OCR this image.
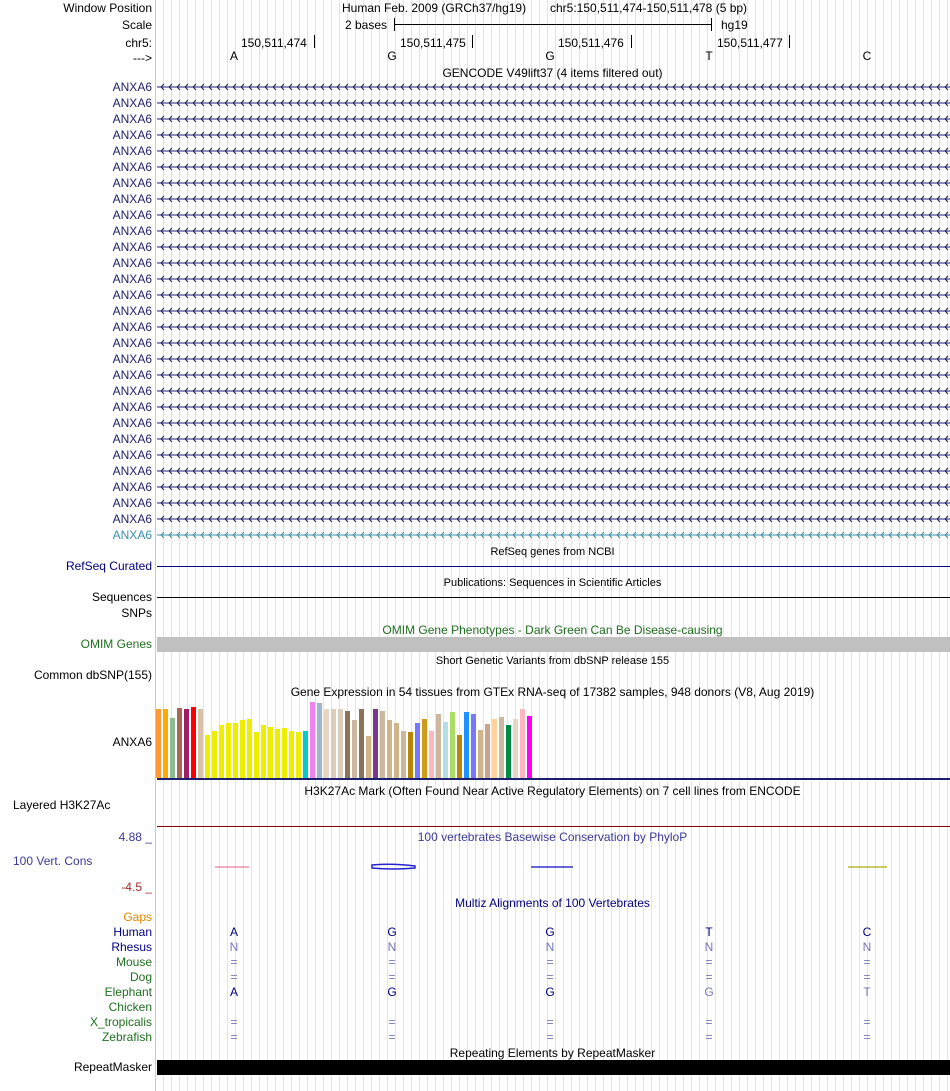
Window Position	Human Feb. 2009 (GRCh37/hg19) chr5:150,511,474-150,511,478 (5 bp)
Scale	2 bases	hg19
chr5:	150,511,474	150,511,475	150,511,476	150,511,477
--->	A	G	G	T	C
GENCODE V49lift37 (4 items filtered out)
ANXA6
ANXA6
ANXA6
ANXA6
ANXA6
ANXA6
ANXA6
ANXA6
ANXA6
ANXA6
ANXA6
ANXA6
ANXA6
ANXA6
ANXA6
ANXA6
ANXA6
ANXA6
ANXA6
ANXA6
ANXA6
ANXA6
ANXA6
ANXA6
ANXA6
ANXA6
ANXA6
ANXA6
ANXA6
RefSeq genes from NCBI
RefSeq Curated
Publications: Sequences in Scientific Articles
Sequences
SNPs
OMIM Gene Phenotypes - Dark Green Can Be Disease-causing
OMIM Genes
Short Genetic Variants from dbSNP release 155
Common dbSNP(155)
Gene Expression in 54 tissues from GTEx RNA-seq of 17382 samples, 948 donors (V8, Aug 2019)
ANXA6
H3K27Ac Mark (Often Found Near Active Regulatory Elements) on 7 cell lines from ENCODE
Layered H3K27Ac
100 vertebrates Basewise Conservation by PhyloP
4.88 _
100 Vert. Cons
-4.5 _
Multiz Alignments of 100 Vertebrates
Gaps
Human	A	G	G	T	C
Rhesus	N	N	N	N	N
Mouse	=	=	=	=	=
Dog	=	=	=	=	=
Elephant	A	G	G	G	T
Chicken
X_tropicalis	=	=	=	=	=
Zebrafish	=	=	=	=	=
Repeating Elements by RepeatMasker
RepeatMasker
